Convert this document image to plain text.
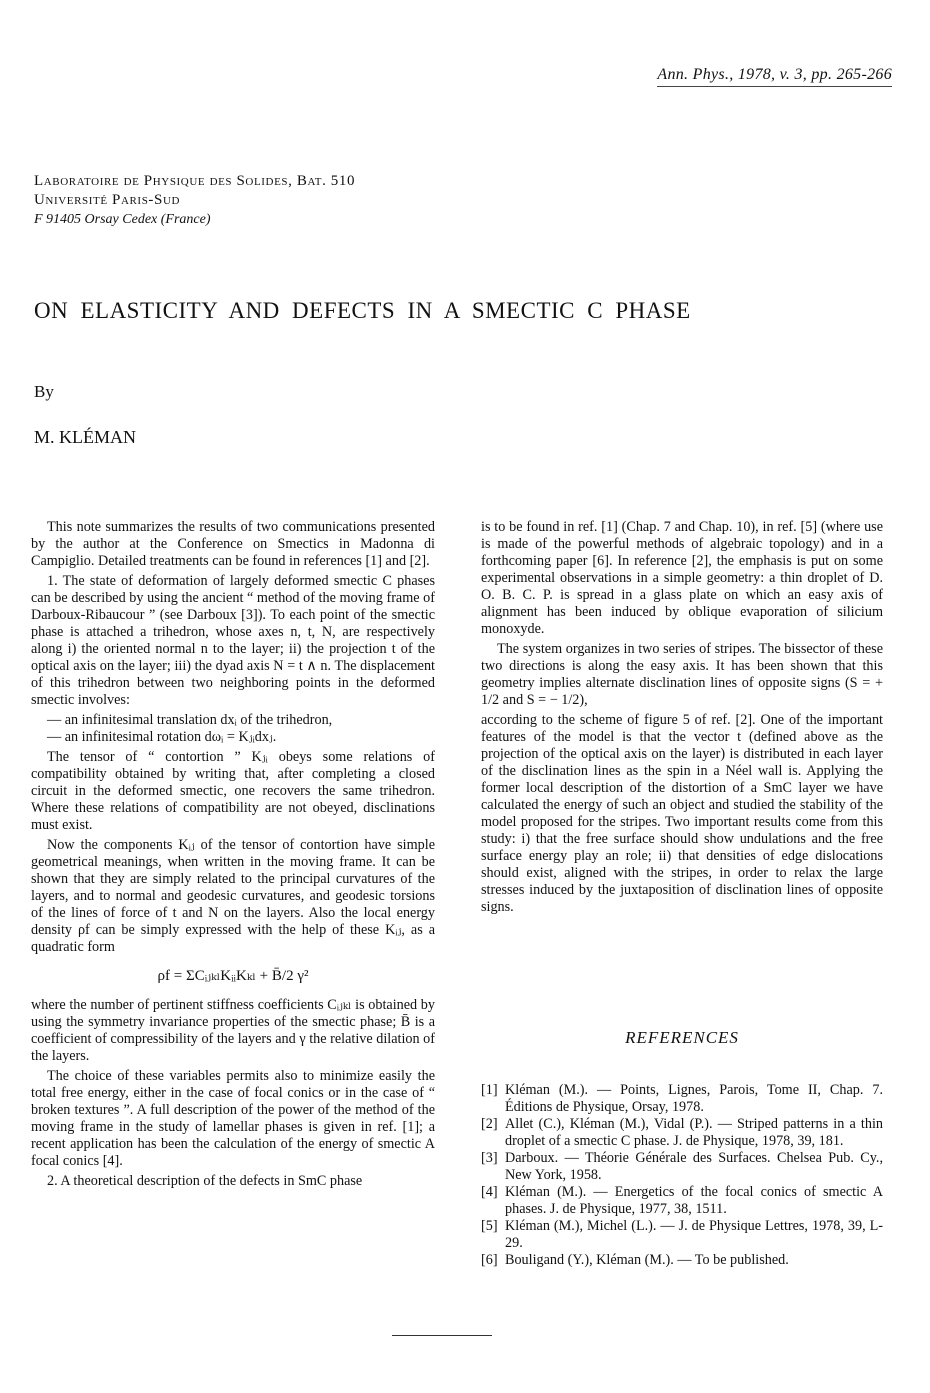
Ann. Phys., 1978, v. 3, pp. 265-266
Laboratoire de Physique des Solides, Bat. 510
Université Paris-Sud
F 91405 Orsay Cedex (France)
ON ELASTICITY AND DEFECTS IN A SMECTIC C PHASE
By
M. KLÉMAN

This note summarizes the results of two communications presented by the author at the Conference on Smectics in Madonna di Campiglio. Detailed treatments can be found in references [1] and [2].

1. The state of deformation of largely deformed smectic C phases can be described by using the ancient “ method of the moving frame of Darboux-Ribaucour ” (see Darboux [3]). To each point of the smectic phase is attached a trihedron, whose axes n, t, N, are respectively along i) the oriented normal n to the layer; ii) the projection t of the optical axis on the layer; iii) the dyad axis N = t ∧ n. The displacement of this trihedron between two neighboring points in the deformed smectic involves:

— an infinitesimal translation dxᵢ of the trihedron,
— an infinitesimal rotation dωᵢ = Kⱼᵢdxⱼ.

The tensor of “ contortion ” Kⱼᵢ obeys some relations of compatibility obtained by writing that, after completing a closed circuit in the deformed smectic, one recovers the same trihedron. Where these relations of compatibility are not obeyed, disclinations must exist.

Now the components Kᵢⱼ of the tensor of contortion have simple geometrical meanings, when written in the moving frame. It can be shown that they are simply related to the principal curvatures of the layers, and to normal and geodesic curvatures, and geodesic torsions of the lines of force of t and N on the layers. Also the local energy density ρf can be simply expressed with the help of these Kᵢⱼ, as a quadratic form

ρf = ΣCᵢⱼₖₗKᵢᵢKₖₗ + B̄/2 γ²

where the number of pertinent stiffness coefficients Cᵢⱼₖₗ is obtained by using the symmetry invariance properties of the smectic phase; B̄ is a coefficient of compressibility of the layers and γ the relative dilation of the layers.

The choice of these variables permits also to minimize easily the total free energy, either in the case of focal conics or in the case of “ broken textures ”. A full description of the power of the method of the moving frame in the study of lamellar phases is given in ref. [1]; a recent application has been the calculation of the energy of smectic A focal conics [4].

2. A theoretical description of the defects in SmC phase

is to be found in ref. [1] (Chap. 7 and Chap. 10), in ref. [5] (where use is made of the powerful methods of algebraic topology) and in a forthcoming paper [6]. In reference [2], the emphasis is put on some experimental observations in a simple geometry: a thin droplet of D. O. B. C. P. is spread in a glass plate on which an easy axis of alignment has been induced by oblique evaporation of silicium monoxyde.

The system organizes in two series of stripes. The bissector of these two directions is along the easy axis. It has been shown that this geometry implies alternate disclination lines of opposite signs (S = + 1/2 and S = − 1/2),

according to the scheme of figure 5 of ref. [2]. One of the important features of the model is that the vector t (defined above as the projection of the optical axis on the layer) is distributed in each layer of the disclination lines as the spin in a Néel wall is. Applying the former local description of the distortion of a SmC layer we have calculated the energy of such an object and studied the stability of the model proposed for the stripes. Two important results come from this study: i) that the free surface should show undulations and the free surface energy play an role; ii) that densities of edge dislocations should exist, aligned with the stripes, in order to relax the large stresses induced by the juxtaposition of disclination lines of opposite signs.

REFERENCES
[1] Kléman (M.). — Points, Lignes, Parois, Tome II, Chap. 7. Éditions de Physique, Orsay, 1978.
[2] Allet (C.), Kléman (M.), Vidal (P.). — Striped patterns in a thin droplet of a smectic C phase. J. de Physique, 1978, 39, 181.
[3] Darboux. — Théorie Générale des Surfaces. Chelsea Pub. Cy., New York, 1958.
[4] Kléman (M.). — Energetics of the focal conics of smectic A phases. J. de Physique, 1977, 38, 1511.
[5] Kléman (M.), Michel (L.). — J. de Physique Lettres, 1978, 39, L-29.
[6] Bouligand (Y.), Kléman (M.). — To be published.
